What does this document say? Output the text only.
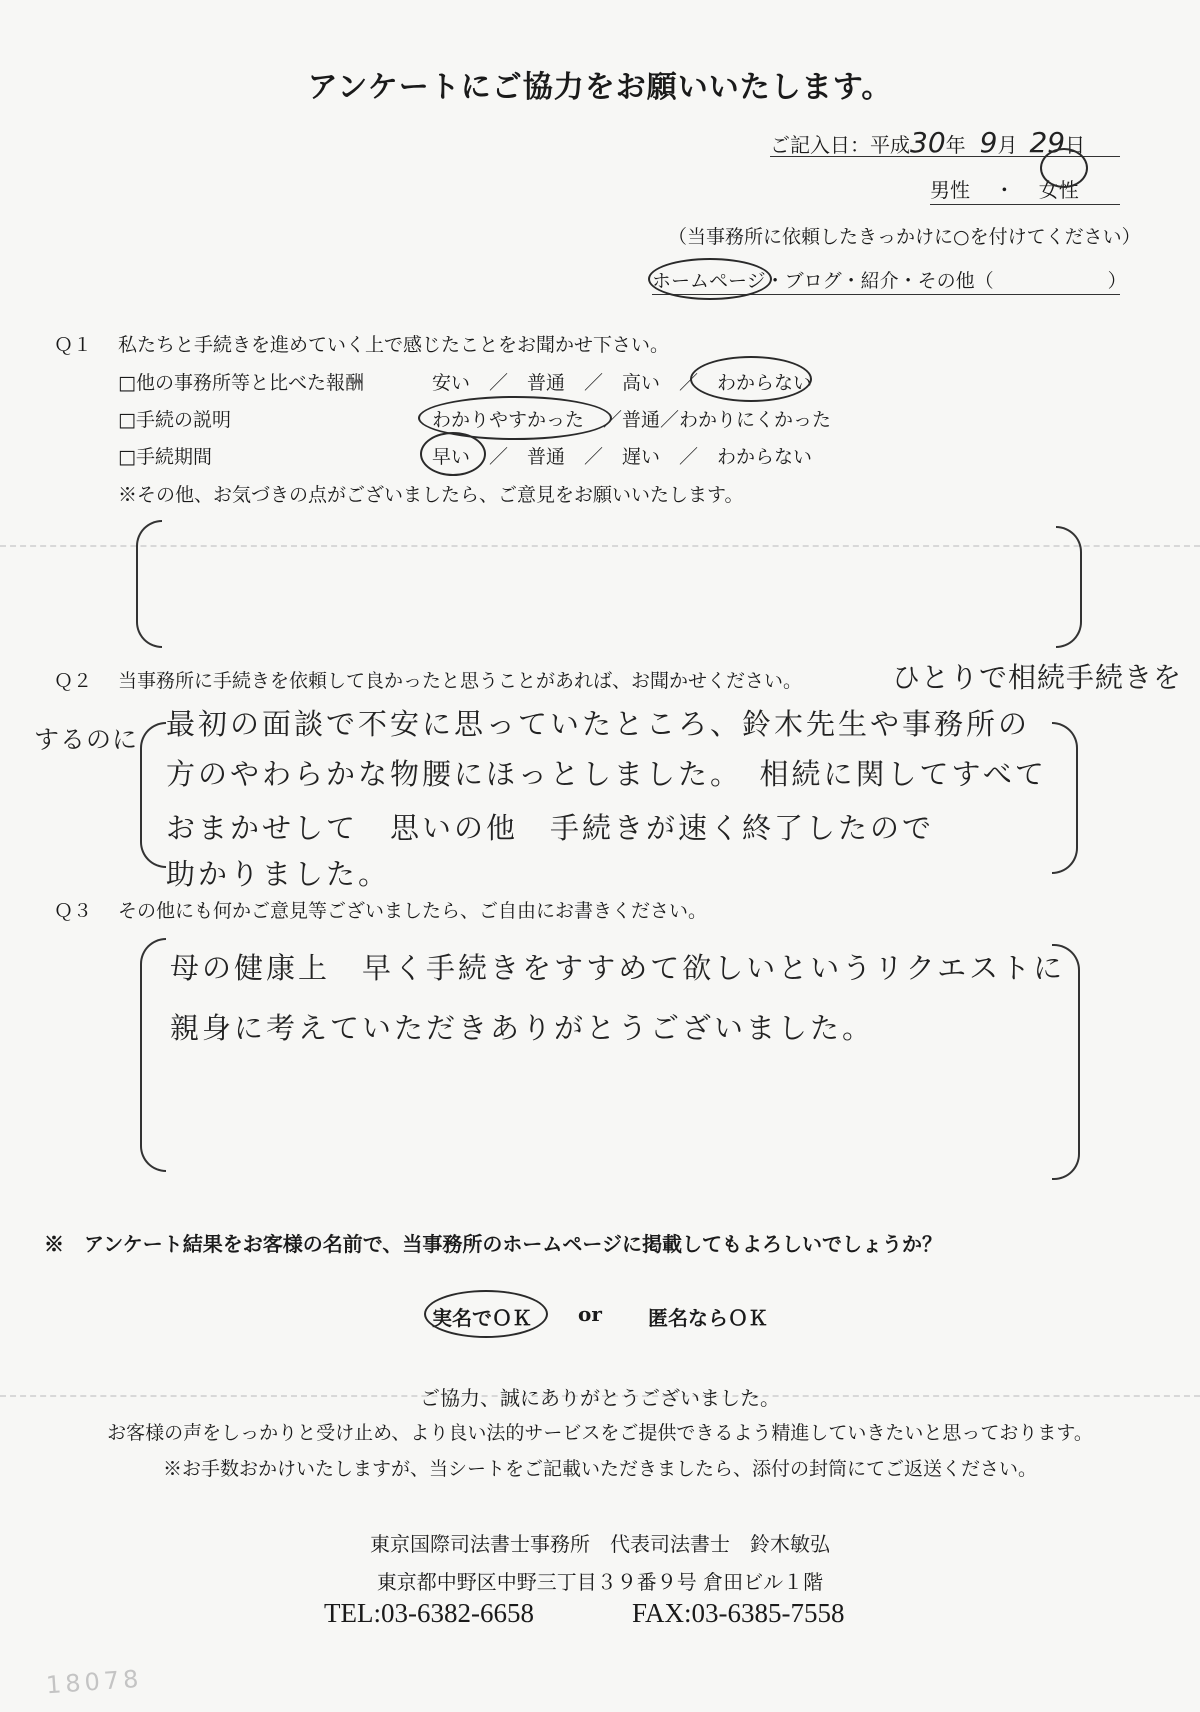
アンケートにご協力をお願いいたします。
ご記入日：平成30年 9月 29日
男性 ・ 女性
（当事務所に依頼したきっかけに○を付けてください）
ホームページ・ブログ・紹介・その他（　　　　　　）
Ｑ１ 私たちと手続きを進めていく上で感じたことをお聞かせ下さい。
□他の事務所等と比べた報酬	安い　／　普通　／　高い　／　わからない
□手続の説明	わかりやすかった　／普通／わかりにくかった
□手続期間	早い　／　普通　／　遅い　／　わからない
※その他、お気づきの点がございましたら、ご意見をお願いいたします。
Ｑ２ 当事務所に手続きを依頼して良かったと思うことがあれば、お聞かせください。	ひとりで相続手続きを
するのに 最初の面談で不安に思っていたところ、鈴木先生や事務所の
方のやわらかな物腰にほっとしました。　相続に関してすべて
おまかせして　思いの他　手続きが速く終了したので
助かりました。
Ｑ３ その他にも何かご意見等ございましたら、ご自由にお書きください。
母の健康上　早く手続きをすすめて欲しいというリクエストに
親身に考えていただきありがとうございました。
※　アンケート結果をお客様の名前で、当事務所のホームページに掲載してもよろしいでしょうか？
実名でＯＫ or 匿名ならＯＫ
ご協力、誠にありがとうございました。
お客様の声をしっかりと受け止め、より良い法的サービスをご提供できるよう精進していきたいと思っております。
※お手数おかけいたしますが、当シートをご記載いただきましたら、添付の封筒にてご返送ください。
東京国際司法書士事務所　代表司法書士　鈴木敏弘
東京都中野区中野三丁目３９番９号 倉田ビル１階
TEL:03-6382-6658	FAX:03-6385-7558
18078
